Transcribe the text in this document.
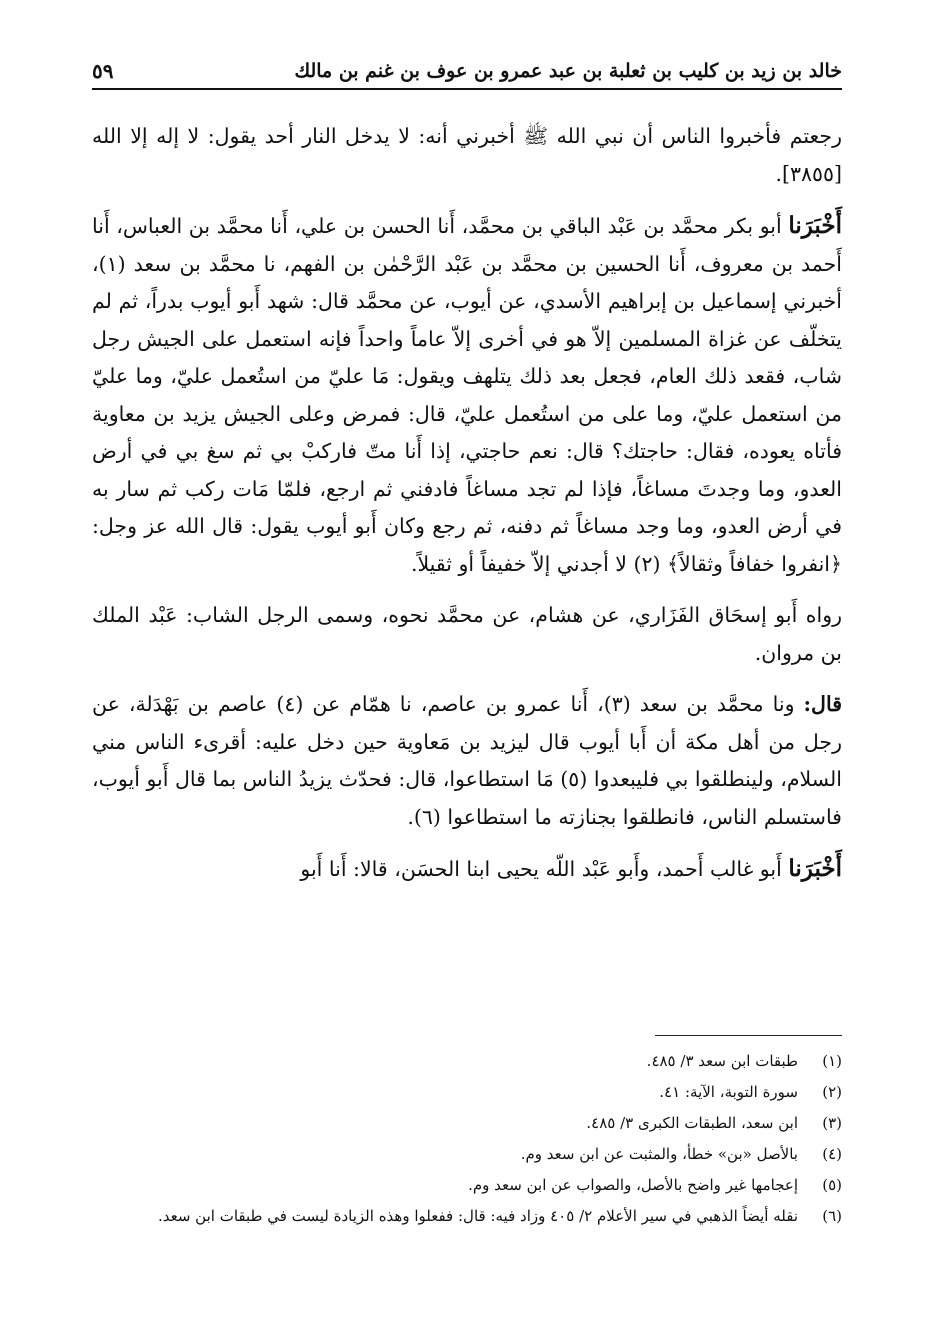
٥٩	خالد بن زيد بن كليب بن ثعلبة بن عبد عمرو بن عوف بن غنم بن مالك

رجعتم فأخبروا الناس أن نبي الله ﷺ أخبرني أنه: لا يدخل النار أحد يقول: لا إله إلا الله [٣٨٥٥].

أَخْبَرَنا أبو بكر محمَّد بن عَبْد الباقي بن محمَّد، أَنا الحسن بن علي، أَنا محمَّد بن العباس، أَنا أَحمد بن معروف، أَنا الحسين بن محمَّد بن عَبْد الرَّحْمٰن بن الفهم، نا محمَّد بن سعد (١)، أخبرني إسماعيل بن إبراهيم الأسدي، عن أيوب، عن محمَّد قال: شهد أَبو أيوب بدراً، ثم لم يتخلّف عن غزاة المسلمين إلاّ هو في أخرى إلاّ عاماً واحداً فإنه استعمل على الجيش رجل شاب، فقعد ذلك العام، فجعل بعد ذلك يتلهف ويقول: مَا عليّ من استُعمل عليّ، وما عليّ من استعمل عليّ، وما على من استُعمل عليّ، قال: فمرض وعلى الجيش يزيد بن معاوية فأتاه يعوده، فقال: حاجتك؟ قال: نعم حاجتي، إذا أَنا متّ فاركبْ بي ثم سغ بي في أرض العدو، وما وجدتَ مساغاً، فإذا لم تجد مساغاً فادفني ثم ارجع، فلمّا مَات ركب ثم سار به في أرض العدو، وما وجد مساغاً ثم دفنه، ثم رجع وكان أَبو أيوب يقول: قال الله عز وجل: ﴿انفروا خفافاً وثقالاً﴾ (٢) لا أجدني إلاّ خفيفاً أو ثقيلاً.

رواه أَبو إسحَاق الفَزَاري، عن هشام، عن محمَّد نحوه، وسمى الرجل الشاب: عَبْد الملك بن مروان.

قال: ونا محمَّد بن سعد (٣)، أَنا عمرو بن عاصم، نا همّام عن (٤) عاصم بن بَهْدَلة، عن رجل من أهل مكة أن أَبا أيوب قال ليزيد بن مَعاوية حين دخل عليه: أقرىء الناس مني السلام، ولينطلقوا بي فليبعدوا (٥) مَا استطاعوا، قال: فحدّث يزيدُ الناس بما قال أَبو أيوب، فاستسلم الناس، فانطلقوا بجنازته ما استطاعوا (٦).

أَخْبَرَنا أَبو غالب أَحمد، وأَبو عَبْد اللّه يحيى ابنا الحسَن، قالا: أَنا أَبو

(١)
طبقات ابن سعد ٣/ ٤٨٥.
(٢)
سورة التوبة، الآية: ٤١.
(٣)
ابن سعد، الطبقات الكبرى ٣/ ٤٨٥.
(٤)
بالأصل «بن» خطأ، والمثبت عن ابن سعد وم.
(٥)
إعجامها غير واضح بالأصل، والصواب عن ابن سعد وم.
(٦)
نقله أيضاً الذهبي في سير الأعلام ٢/ ٤٠٥ وزاد فيه: قال: ففعلوا وهذه الزيادة ليست في طبقات ابن سعد.
